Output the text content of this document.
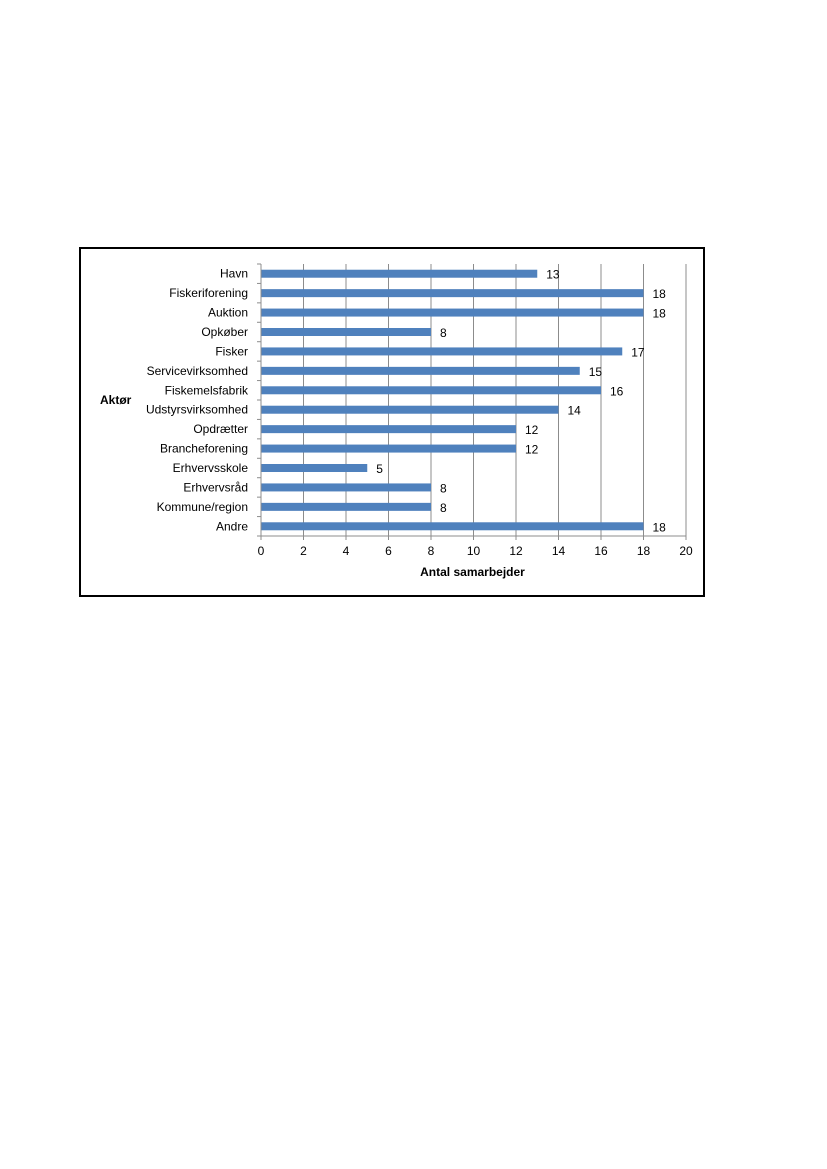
0	2	4	6	8	10 12 14 16 18 20
Havn	13
Fiskeriforening	18
Auktion	18
Opkøber	8
Fisker	17
Servicevirksomhed	15
Fiskemelsfabrik	16
Udstyrsvirksomhed	14
Opdrætter	12
Brancheforening	12
Erhvervsskole	5
Erhvervsråd	8
Kommune/region	8
Andre	18
Antal samarbejder
Aktør
